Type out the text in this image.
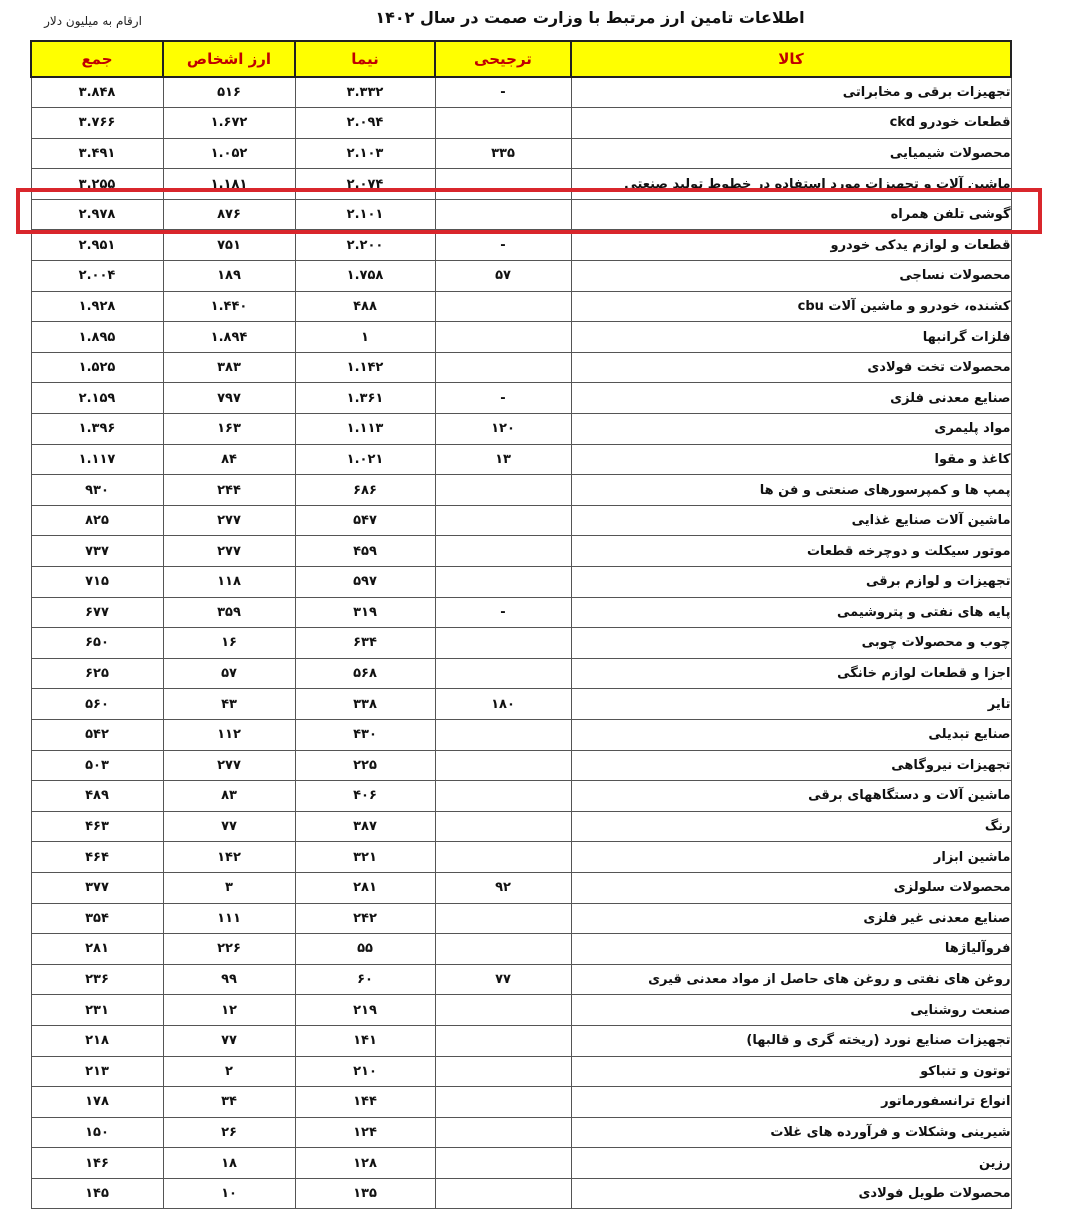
اطلاعات تامین ارز مرتبط با وزارت صمت در سال ۱۴۰۲
ارقام به میلیون دلار
کالا	ترجیحی	نیما	ارز اشخاص	جمع
تجهیزات برقی و مخابراتی	-	۳.۳۳۲	۵۱۶	۳.۸۴۸
قطعات خودرو ckd		۲.۰۹۴	۱.۶۷۲	۳.۷۶۶
محصولات شیمیایی	۳۳۵	۲.۱۰۳	۱.۰۵۲	۳.۴۹۱
ماشین آلات و تجهیزات مورد استفاده در خطوط تولید صنعتی		۲.۰۷۴	۱.۱۸۱	۳.۲۵۵
گوشی تلفن همراه		۲.۱۰۱	۸۷۶	۲.۹۷۸
قطعات و لوازم یدکی خودرو	-	۲.۲۰۰	۷۵۱	۲.۹۵۱
محصولات نساجی	۵۷	۱.۷۵۸	۱۸۹	۲.۰۰۴
کشنده، خودرو و ماشین آلات cbu		۴۸۸	۱.۴۴۰	۱.۹۲۸
فلزات گرانبها		۱	۱.۸۹۴	۱.۸۹۵
محصولات تخت فولادی		۱.۱۴۲	۳۸۳	۱.۵۲۵
صنایع معدنی فلزی	-	۱.۳۶۱	۷۹۷	۲.۱۵۹
مواد پلیمری	۱۲۰	۱.۱۱۳	۱۶۳	۱.۳۹۶
کاغذ و مقوا	۱۳	۱.۰۲۱	۸۴	۱.۱۱۷
پمپ ها و کمپرسورهای صنعتی و فن ها		۶۸۶	۲۴۴	۹۳۰
ماشین آلات صنایع غذایی		۵۴۷	۲۷۷	۸۲۵
موتور سیکلت و دوچرخه قطعات		۴۵۹	۲۷۷	۷۳۷
تجهیزات و لوازم برقی		۵۹۷	۱۱۸	۷۱۵
پایه های نفتی و پتروشیمی	-	۳۱۹	۳۵۹	۶۷۷
چوب و محصولات چوبی		۶۳۴	۱۶	۶۵۰
اجزا و قطعات لوازم خانگی		۵۶۸	۵۷	۶۲۵
تایر	۱۸۰	۳۳۸	۴۳	۵۶۰
صنایع تبدیلی		۴۳۰	۱۱۲	۵۴۲
تجهیزات نیروگاهی		۲۲۵	۲۷۷	۵۰۳
ماشین آلات و دستگاههای برقی		۴۰۶	۸۳	۴۸۹
رنگ		۳۸۷	۷۷	۴۶۳
ماشین ابزار		۳۲۱	۱۴۲	۴۶۴
محصولات سلولزی	۹۲	۲۸۱	۳	۳۷۷
صنایع معدنی غیر فلزی		۲۴۲	۱۱۱	۳۵۴
فروآلیاژها		۵۵	۲۲۶	۲۸۱
روغن های نفتی و روغن های حاصل از مواد معدنی قیری	۷۷	۶۰	۹۹	۲۳۶
صنعت روشنایی		۲۱۹	۱۲	۲۳۱
تجهیزات صنایع نورد (ریخته گری و قالبها)		۱۴۱	۷۷	۲۱۸
توتون و تنباکو		۲۱۰	۲	۲۱۳
انواع ترانسفورماتور		۱۴۴	۳۴	۱۷۸
شیرینی وشکلات و فرآورده های غلات		۱۲۴	۲۶	۱۵۰
رزین		۱۲۸	۱۸	۱۴۶
محصولات طویل فولادی		۱۳۵	۱۰	۱۴۵
